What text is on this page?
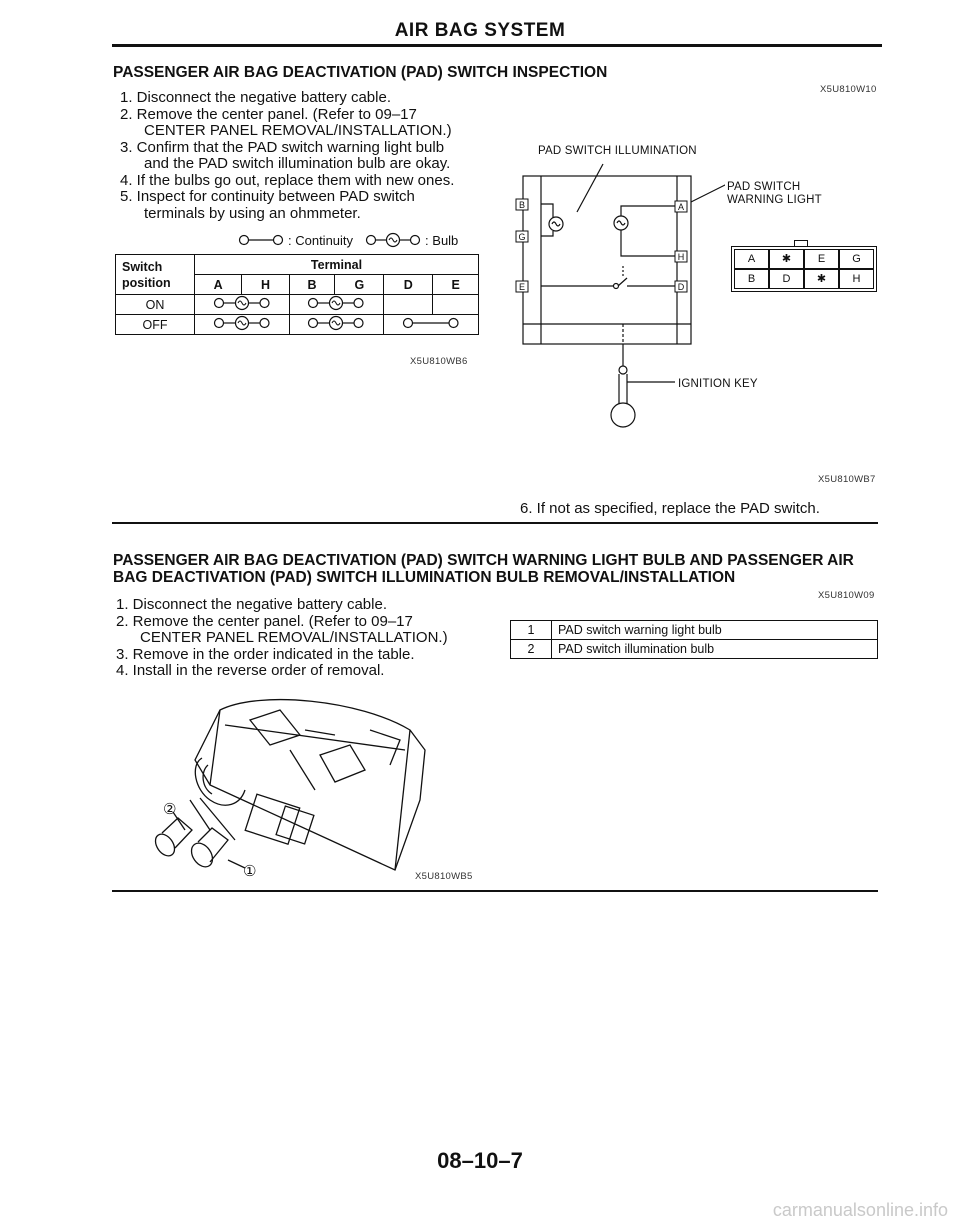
AIR BAG SYSTEM
PASSENGER AIR BAG DEACTIVATION (PAD) SWITCH INSPECTION
X5U810W10
1. Disconnect the negative battery cable.
2. Remove the center panel. (Refer to 09–17
CENTER PANEL REMOVAL/INSTALLATION.)
3. Confirm that the PAD switch warning light bulb
and the PAD switch illumination bulb are okay.
4. If the bulbs go out, replace them with new ones.
5. Inspect for continuity between PAD switch
terminals by using an ohmmeter.
: Continuity	: Bulb
Switch position	Terminal					
	A	H	B	G	D	E
ON				
OFF			
X5U810WB6
PAD SWITCH ILLUMINATION
PAD SWITCH
WARNING LIGHT
IGNITION KEY
B
G
E
A
H
D
A	✱	E	G
B	D	✱	H
X5U810WB7
6. If not as specified, replace the PAD switch.
PASSENGER AIR BAG DEACTIVATION (PAD) SWITCH WARNING LIGHT BULB AND PASSENGER AIR
BAG DEACTIVATION (PAD) SWITCH ILLUMINATION BULB REMOVAL/INSTALLATION
X5U810W09
1. Disconnect the negative battery cable.
2. Remove the center panel. (Refer to 09–17
CENTER PANEL REMOVAL/INSTALLATION.)
3. Remove in the order indicated in the table.
4. Install in the reverse order of removal.
1	PAD switch warning light bulb
2	PAD switch illumination bulb
②
①	X5U810WB5
08–10–7
carmanualsonline.info
